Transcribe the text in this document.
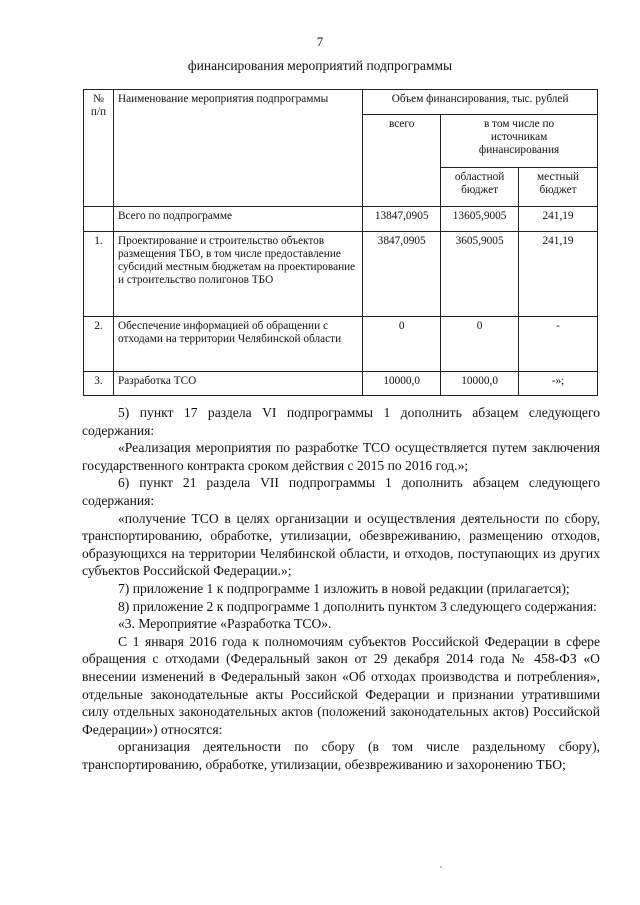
7
финансирования мероприятий подпрограммы
№ п/п	Наименование мероприятия подпрограммы	Объем финансирования, тыс. рублей		
		всего	в том числе по источникам финансирования	
			областной бюджет	местный бюджет
	Всего по подпрограмме	13847,0905	13605,9005	241,19
1.	Проектирование и строительство объектов размещения ТБО, в том числе предоставление субсидий местным бюджетам на проектирование и строительство полигонов ТБО	3847,0905	3605,9005	241,19
2.	Обеспечение информацией об обращении с отходами на территории Челябинской области	0	0	-
3.	Разработка ТСО	10000,0	10000,0	-»;

5) пункт 17 раздела VI подпрограммы 1 дополнить абзацем следующего содержания:

«Реализация мероприятия по разработке ТСО осуществляется путем заключения государственного контракта сроком действия с 2015 по 2016 год.»;

6) пункт 21 раздела VII подпрограммы 1 дополнить абзацем следующего содержания:

«получение ТСО в целях организации и осуществления деятельности по сбору, транспортированию, обработке, утилизации, обезвреживанию, размещению отходов, образующихся на территории Челябинской области, и отходов, поступающих из других субъектов Российской Федерации.»;

7) приложение 1 к подпрограмме 1 изложить в новой редакции (прилагается);

8) приложение 2 к подпрограмме 1 дополнить пунктом 3 следующего содержания:

«3. Мероприятие «Разработка ТСО».

С 1 января 2016 года к полномочиям субъектов Российской Федерации в сфере обращения с отходами (Федеральный закон от 29 декабря 2014 года № 458-ФЗ «О внесении изменений в Федеральный закон «Об отходах производства и потребления», отдельные законодательные акты Российской Федерации и признании утратившими силу отдельных законодательных актов (положений законодательных актов) Российской Федерации») относятся:

организация деятельности по сбору (в том числе раздельному сбору), транспортированию, обработке, утилизации, обезвреживанию и захоронению ТБО;
